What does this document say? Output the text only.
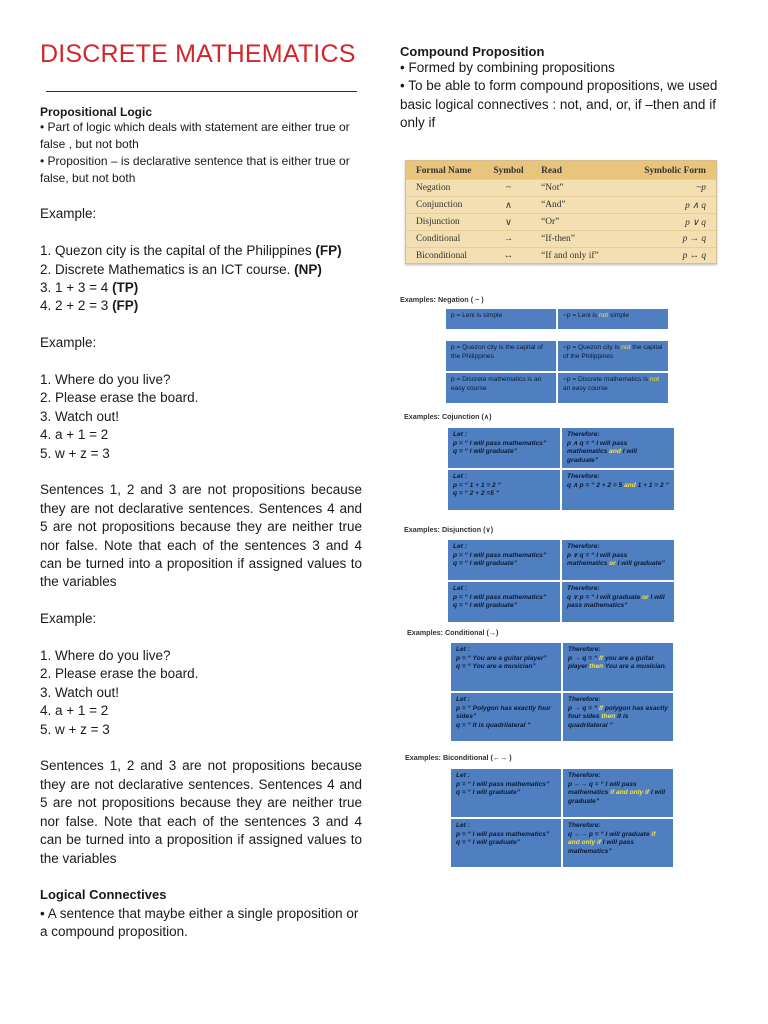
DISCRETE MATHEMATICS
Propositional Logic
• Part of logic which deals with statement are either true or false , but not both
• Proposition – is declarative sentence that is either true or false, but not both

Example:

1. Quezon city is the capital of the Philippines (FP)

2. Discrete Mathematics is an ICT course. (NP)

3. 1 + 3 = 4 (TP)

4. 2 + 2 = 3 (FP)

Example:

1. Where do you live?

2. Please erase the board.

3. Watch out!

4. a + 1 = 2

5. w + z = 3

Sentences 1, 2 and 3 are not propositions because they are not declarative sentences. Sentences 4 and 5 are not propositions because they are neither true nor false. Note that each of the sentences 3 and 4 can be turned into a proposition if assigned values to the variables

Example:

1. Where do you live?

2. Please erase the board.

3. Watch out!

4. a + 1 = 2

5. w + z = 3

Sentences 1, 2 and 3 are not propositions because they are not declarative sentences. Sentences 4 and 5 are not propositions because they are neither true nor false. Note that each of the sentences 3 and 4 can be turned into a proposition if assigned values to the variables

Logical Connectives

• A sentence that maybe either a single proposition or a compound proposition.

Compound Proposition

• Formed by combining propositions

• To be able to form compound propositions, we used basic logical connectives : not, and, or, if –then and if only if

Formal Name	Symbol	Read	Symbolic Form
Negation	~	“Not”	~p
Conjunction	∧	“And”	p ∧ q
Disjunction	∨	“Or”	p ∨ q
Conditional	→	“If-then”	p → q
Biconditional	↔	“If and only if”	p ↔ q
Examples: Negation ( ~ )
p = Leni is simple	~p = Leni is not simple
p = Quezon city is the capital of the Philippines
~p = Quezon city is not the capital of the Philippines
p = Discrete mathematics is an easy course
~p = Discrete mathematics is not an easy course
Examples: Cojunction (∧)
Let :
p = “ I will pass mathematics”
q = “ I will graduate”
Therefore:
p ∧ q = “ I will pass mathematics and I will graduate”
Let :
p = “ 1 + 1 = 2 ”
q = “ 2 + 2 =5 ”
Therefore:
q ∧ p = “ 2 + 2 = 5 and 1 + 1 = 2 ”
Examples: Disjunction (∨)
Let :
p = “ I will pass mathematics”
q = “ I will graduate”
Therefore:
p ∨ q = “ I will pass mathematics or I will graduate”
Let :
p = “ I will pass mathematics”
q = “ I will graduate”
Therefore:
q ∨ p = “ I will graduate or I will pass mathematics”
Examples: Conditional (→)
Let :
p = “ You are a guitar player”
q = “ You are a musician”
Therefore:
p → q = “ If you are a guitar player then You are a musician.
Let :
p = “ Polygon has exactly four sides”
q = “ It is quadrilateral ”
Therefore:
p → q = “ If polygon has exactly four sides then it is quadrilateral ”
Examples: Biconditional (←→ )
Let :
p = “ I will pass mathematics”
q = “ I will graduate”
Therefore:
p ←→ q = “ I will pass mathematics if and only if I will graduate”
Let :
p = “ I will pass mathematics”
q = “ I will graduate”
Therefore:
q ←→ p = “ I will graduate if and only if I will pass mathematics”
